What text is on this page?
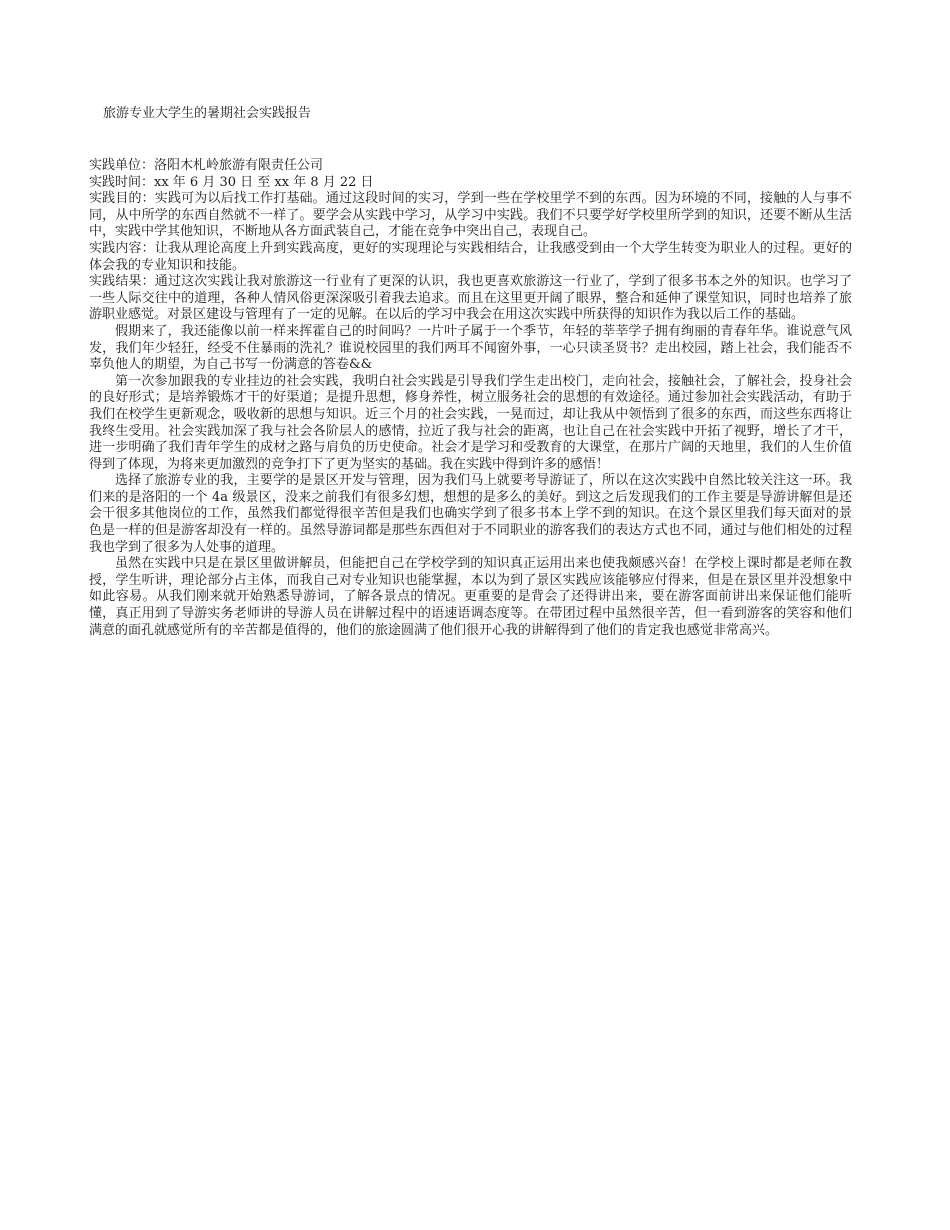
旅游专业大学生的暑期社会实践报告

实践单位：洛阳木札岭旅游有限责任公司

实践时间：xx 年 6 月 30 日 至 xx 年 8 月 22 日

实践目的：实践可为以后找工作打基础。通过这段时间的实习，学到一些在学校里学不到的东西。因为环境的不同，接触的人与事不同，从中所学的东西自然就不一样了。要学会从实践中学习，从学习中实践。我们不只要学好学校里所学到的知识，还要不断从生活中，实践中学其他知识，不断地从各方面武装自己，才能在竞争中突出自己，表现自己。

实践内容：让我从理论高度上升到实践高度，更好的实现理论与实践相结合，让我感受到由一个大学生转变为职业人的过程。更好的体会我的专业知识和技能。

实践结果：通过这次实践让我对旅游这一行业有了更深的认识，我也更喜欢旅游这一行业了，学到了很多书本之外的知识。也学习了一些人际交往中的道理，各种人情风俗更深深吸引着我去追求。而且在这里更开阔了眼界，整合和延伸了课堂知识，同时也培养了旅游职业感觉。对景区建设与管理有了一定的见解。在以后的学习中我会在用这次实践中所获得的知识作为我以后工作的基础。

假期来了，我还能像以前一样来挥霍自己的时间吗？一片叶子属于一个季节，年轻的莘莘学子拥有绚丽的青春年华。谁说意气风发，我们年少轻狂，经受不住暴雨的洗礼？谁说校园里的我们两耳不闻窗外事，一心只读圣贤书？走出校园，踏上社会，我们能否不辜负他人的期望，为自己书写一份满意的答卷&&

第一次参加跟我的专业挂边的社会实践，我明白社会实践是引导我们学生走出校门，走向社会，接触社会，了解社会，投身社会的良好形式；是培养锻炼才干的好渠道；是提升思想，修身养性，树立服务社会的思想的有效途径。通过参加社会实践活动，有助于我们在校学生更新观念，吸收新的思想与知识。近三个月的社会实践，一晃而过，却让我从中领悟到了很多的东西，而这些东西将让我终生受用。社会实践加深了我与社会各阶层人的感情，拉近了我与社会的距离，也让自己在社会实践中开拓了视野，增长了才干，进一步明确了我们青年学生的成材之路与肩负的历史使命。社会才是学习和受教育的大课堂，在那片广阔的天地里，我们的人生价值得到了体现，为将来更加激烈的竞争打下了更为坚实的基础。我在实践中得到许多的感悟！

选择了旅游专业的我，主要学的是景区开发与管理，因为我们马上就要考导游证了，所以在这次实践中自然比较关注这一环。我们来的是洛阳的一个 4a 级景区，没来之前我们有很多幻想，想想的是多么的美好。到这之后发现我们的工作主要是导游讲解但是还会干很多其他岗位的工作，虽然我们都觉得很辛苦但是我们也确实学到了很多书本上学不到的知识。在这个景区里我们每天面对的景色是一样的但是游客却没有一样的。虽然导游词都是那些东西但对于不同职业的游客我们的表达方式也不同，通过与他们相处的过程我也学到了很多为人处事的道理。

虽然在实践中只是在景区里做讲解员，但能把自己在学校学到的知识真正运用出来也使我颇感兴奋！在学校上课时都是老师在教授，学生听讲，理论部分占主体，而我自己对专业知识也能掌握，本以为到了景区实践应该能够应付得来，但是在景区里并没想象中如此容易。从我们刚来就开始熟悉导游词，了解各景点的情况。更重要的是背会了还得讲出来，要在游客面前讲出来保证他们能听懂，真正用到了导游实务老师讲的导游人员在讲解过程中的语速语调态度等。在带团过程中虽然很辛苦，但一看到游客的笑容和他们满意的面孔就感觉所有的辛苦都是值得的，他们的旅途圆满了他们很开心我的讲解得到了他们的肯定我也感觉非常高兴。
